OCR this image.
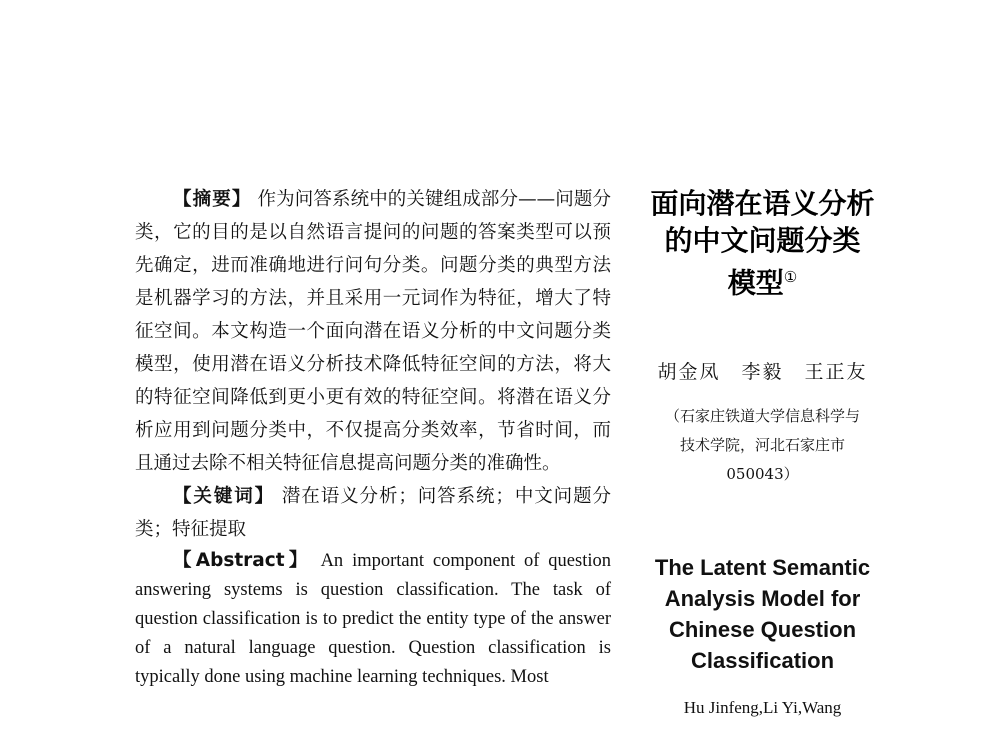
【摘要】 作为问答系统中的关键组成部分——问题分类，它的目的是以自然语言提问的问题的答案类型可以预先确定，进而准确地进行问句分类。问题分类的典型方法是机器学习的方法，并且采用一元词作为特征，增大了特征空间。本文构造一个面向潜在语义分析的中文问题分类模型，使用潜在语义分析技术降低特征空间的方法，将大的特征空间降低到更小更有效的特征空间。将潜在语义分析应用到问题分类中，不仅提高分类效率，节省时间，而且通过去除不相关特征信息提高问题分类的准确性。

【关键词】 潜在语义分析；问答系统；中文问题分类；特征提取

【Abstract】 An important component of question answering systems is question classification. The task of question classification is to predict the entity type of the answer of a natural language question. Question classification is typically done using machine learning techniques. Most

面向潜在语义分析
的中文问题分类
模型①

胡金凤　李毅　王正友

（石家庄铁道大学信息科学与
技术学院，河北石家庄市
050043）

The Latent Semantic
Analysis Model for
Chinese Question
Classification

Hu Jinfeng,Li Yi,Wang
